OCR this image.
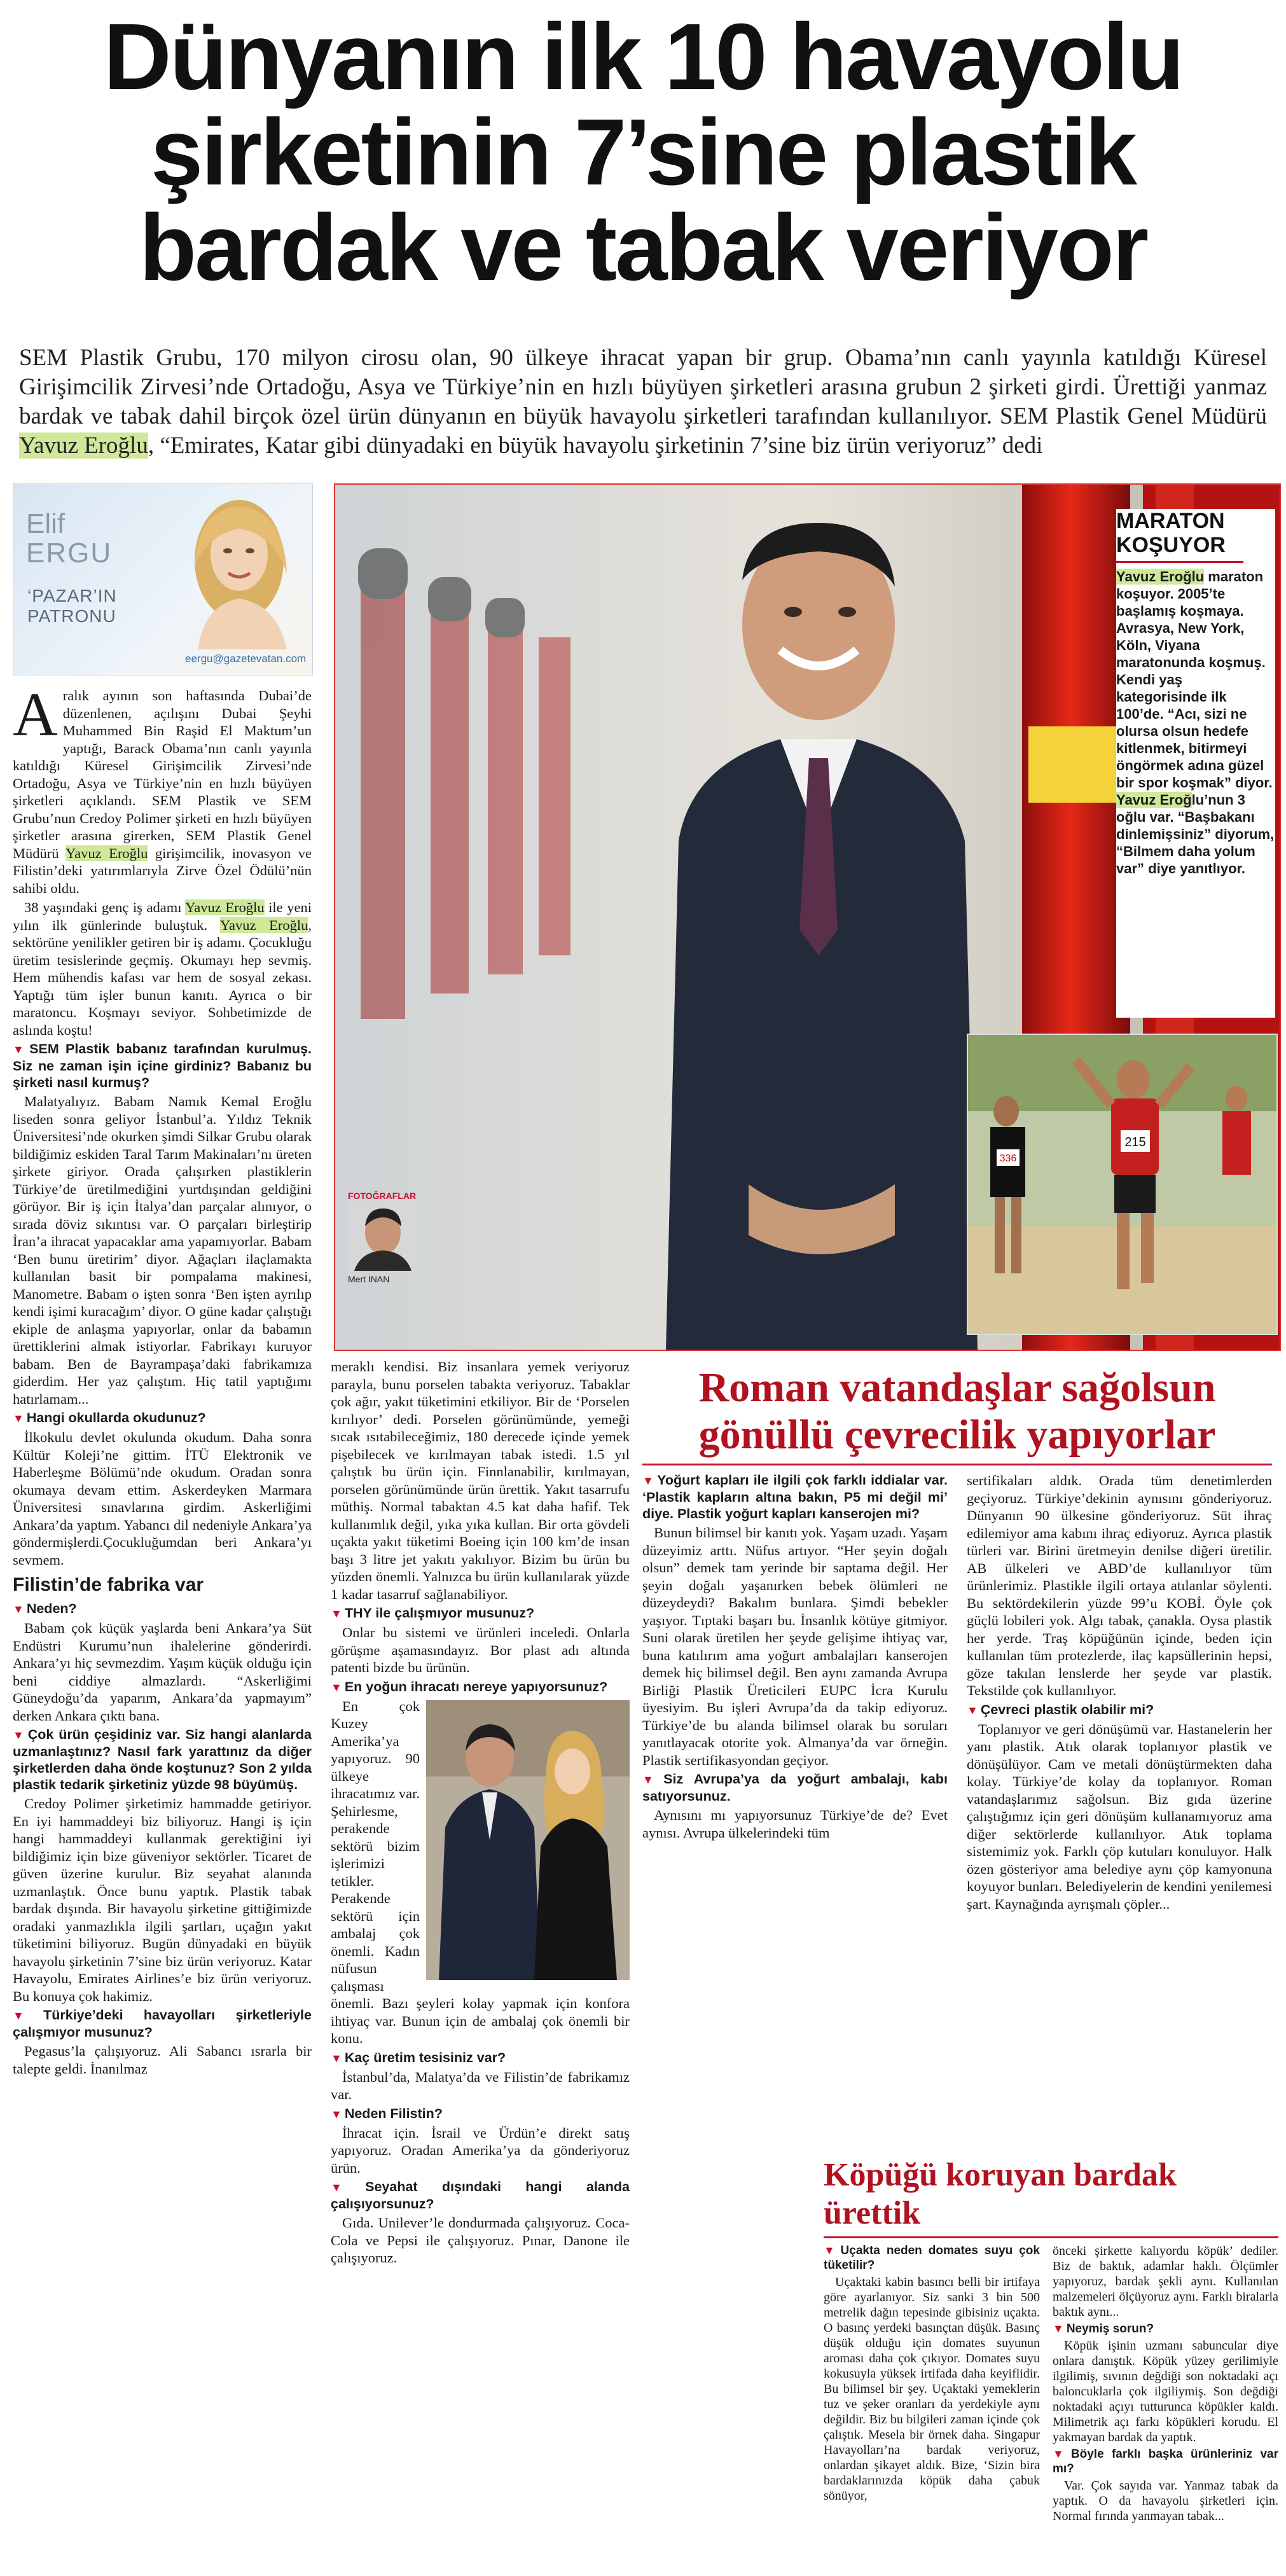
Dünyanın ilk 10 havayolu
şirketinin 7’sine plastik
bardak ve tabak veriyor
SEM Plastik Grubu, 170 milyon cirosu olan, 90 ülkeye ihracat yapan bir grup. Obama’nın canlı yayınla katıldığı Küresel Girişimcilik Zirvesi’nde Ortadoğu, Asya ve Türkiye’nin en hızlı büyüyen şirketleri arasına grubun 2 şirketi girdi. Ürettiği yanmaz bardak ve tabak dahil birçok özel ürün dünyanın en büyük havayolu şirketleri tarafından kullanılıyor. SEM Plastik Genel Müdürü Yavuz Eroğlu, “Emirates, Katar gibi dünyadaki en büyük havayolu şirketinin 7’sine biz ürün veriyoruz” dedi
Elif
ERGU
‘PAZAR’IN
PATRONU
eergu@gazetevatan.com
FOTOĞRAFLAR
Mert İNAN
MARATON
KOŞUYOR
Yavuz Eroğlu maraton koşuyor. 2005’te başlamış koşmaya. Avrasya, New York, Köln, Viyana maratonunda koşmuş. Kendi yaş kategorisinde ilk 100’de. “Acı, sizi ne olursa olsun hedefe kitlenmek, bitirmeyi öngörmek adına güzel bir spor koşmak” diyor. Yavuz Eroğlu’nun 3 oğlu var. “Başbakanı dinlemişsiniz” diyorum, “Bilmem daha yolum var” diye yanıtlıyor.
215
336

Aralık ayının son haftasında Dubai’de düzenlenen, açılışını Dubai Şeyhi Muhammed Bin Raşid El Maktum’un yaptığı, Barack Obama’nın canlı yayınla katıldığı Küresel Girişimcilik Zirvesi’nde Ortadoğu, Asya ve Türkiye’nin en hızlı büyüyen şirketleri açıklandı. SEM Plastik ve SEM Grubu’nun Credoy Polimer şirketi en hızlı büyüyen şirketler arasına girerken, SEM Plastik Genel Müdürü Yavuz Eroğlu girişimcilik, inovasyon ve Filistin’deki yatırımlarıyla Zirve Özel Ödülü’nün sahibi oldu.

38 yaşındaki genç iş adamı Yavuz Eroğlu ile yeni yılın ilk günlerinde buluştuk. Yavuz Eroğlu, sektörüne yenilikler getiren bir iş adamı. Çocukluğu üretim tesislerinde geçmiş. Okumayı hep sevmiş. Hem mühendis kafası var hem de sosyal zekası. Yaptığı tüm işler bunun kanıtı. Ayrıca o bir maratoncu. Koşmayı seviyor. Sohbetimizde de aslında koştu!

▼ SEM Plastik babanız tarafından kurulmuş. Siz ne zaman işin içine girdiniz? Babanız bu şirketi nasıl kurmuş?

Malatyalıyız. Babam Namık Kemal Eroğlu liseden sonra geliyor İstanbul’a. Yıldız Teknik Üniversitesi’nde okurken şimdi Silkar Grubu olarak bildiğimiz eskiden Taral Tarım Makinaları’nı üreten şirkete giriyor. Orada çalışırken plastiklerin Türkiye’de üretilmediğini yurtdışından geldiğini görüyor. Bir iş için İtalya’dan parçalar alınıyor, o sırada döviz sıkıntısı var. O parçaları birleştirip İran’a ihracat yapacaklar ama yapamıyorlar. Babam ‘Ben bunu üretirim’ diyor. Ağaçları ilaçlamakta kullanılan basit bir pompalama makinesi, Manometre. Babam o işten sonra ‘Ben işten ayrılıp kendi işimi kuracağım’ diyor. O güne kadar çalıştığı ekiple de anlaşma yapıyorlar, onlar da babamın ürettiklerini almak istiyorlar. Fabrikayı kuruyor babam. Ben de Bayrampaşa’daki fabrikamıza giderdim. Her yaz çalıştım. Hiç tatil yaptığımı hatırlamam...

▼ Hangi okullarda okudunuz?

İlkokulu devlet okulunda okudum. Daha sonra Kültür Koleji’ne gittim. İTÜ Elektronik ve Haberleşme Bölümü’nde okudum. Oradan sonra okumaya devam ettim. Askerdeyken Marmara Üniversitesi sınavlarına girdim. Askerliğimi Ankara’da yaptım. Yabancı dil nedeniyle Ankara’ya göndermişlerdi.Çocukluğumdan beri Ankara’yı sevmem.

Filistin’de fabrika var

▼ Neden?

Babam çok küçük yaşlarda beni Ankara’ya Süt Endüstri Kurumu’nun ihalelerine gönderirdi. Ankara’yı hiç sevmezdim. Yaşım küçük olduğu için beni ciddiye almazlardı. “Askerliğimi Güneydoğu’da yaparım, Ankara’da yapmayım” derken Ankara çıktı bana.

▼ Çok ürün çeşidiniz var. Siz hangi alanlarda uzmanlaştınız? Nasıl fark yarattınız da diğer şirketlerden daha önde koştunuz? Son 2 yılda plastik tedarik şirketiniz yüzde 98 büyümüş.

Credoy Polimer şirketimiz hammadde getiriyor. En iyi hammaddeyi biz biliyoruz. Hangi iş için hangi hammaddeyi kullanmak gerektiğini iyi bildiğimiz için bize güveniyor sektörler. Ticaret de güven üzerine kurulur. Biz seyahat alanında uzmanlaştık. Önce bunu yaptık. Plastik tabak bardak dışında. Bir havayolu şirketine gittiğimizde oradaki yanmazlıkla ilgili şartları, uçağın yakıt tüketimini biliyoruz. Bugün dünyadaki en büyük havayolu şirketinin 7’sine biz ürün veriyoruz. Katar Havayolu, Emirates Airlines’e biz ürün veriyoruz. Bu konuya çok hakimiz.

▼ Türkiye’deki havayolları şirketleriyle çalışmıyor musunuz?

Pegasus’la çalışıyoruz. Ali Sabancı ısrarla bir talepte geldi. İnanılmaz

meraklı kendisi. Biz insanlara yemek veriyoruz parayla, bunu porselen tabakta veriyoruz. Tabaklar çok ağır, yakıt tüketimini etkiliyor. Bir de ‘Porselen kırılıyor’ dedi. Porselen görünümünde, yemeği sıcak ısıtabileceğimiz, 180 derecede içinde yemek pişebilecek ve kırılmayan tabak istedi. 1.5 yıl çalıştık bu ürün için. Finnlanabilir, kırılmayan, porselen görünümünde ürün ürettik. Yakıt tasarrufu müthiş. Normal tabaktan 4.5 kat daha hafif. Tek kullanımlık değil, yıka yıka kullan. Bir orta gövdeli uçakta yakıt tüketimi Boeing için 100 km’de insan başı 3 litre jet yakıtı yakılıyor. Bizim bu ürün bu yüzden önemli. Yalnızca bu ürün kullanılarak yüzde 1 kadar tasarruf sağlanabiliyor.

▼ THY ile çalışmıyor musunuz?

Onlar bu sistemi ve ürünleri inceledi. Onlarla görüşme aşamasındayız. Bor plast adı altında patenti bizde bu ürünün.

▼ En yoğun ihracatı nereye yapıyorsunuz?

En çok Kuzey Amerika’ya yapıyoruz. 90 ülkeye ihracatımız var. Şehirlesme, perakende sektörü bizim işlerimizi tetikler. Perakende sektörü için ambalaj çok önemli. Kadın nüfusun çalışması önemli. Bazı şeyleri kolay yapmak için konfora ihtiyaç var. Bunun için de ambalaj çok önemli bir konu.

▼ Kaç üretim tesisiniz var?

İstanbul’da, Malatya’da ve Filistin’de fabrikamız var.

▼ Neden Filistin?

İhracat için. İsrail ve Ürdün’e direkt satış yapıyoruz. Oradan Amerika’ya da gönderiyoruz ürün.

▼ Seyahat dışındaki hangi alanda çalışıyorsunuz?

Gıda. Unilever’le dondurmada çalışıyoruz. Coca-Cola ve Pepsi ile çalışıyoruz. Pınar, Danone ile çalışıyoruz.

Roman vatandaşlar sağolsun
gönüllü çevrecilik yapıyorlar

▼ Yoğurt kapları ile ilgili çok farklı iddialar var. ‘Plastik kapların altına bakın, P5 mi değil mi’ diye. Plastik yoğurt kapları kanserojen mi?

Bunun bilimsel bir kanıtı yok. Yaşam uzadı. Yaşam düzeyimiz arttı. Nüfus artıyor. “Her şeyin doğalı olsun” demek tam yerinde bir saptama değil. Her şeyin doğalı yaşanırken bebek ölümleri ne düzeydeydi? Bakalım bunlara. Şimdi bebekler yaşıyor. Tıptaki başarı bu. İnsanlık kötüye gitmiyor. Suni olarak üretilen her şeyde gelişime ihtiyaç var, buna katılırım ama yoğurt ambalajları kanserojen demek hiç bilimsel değil. Ben aynı zamanda Avrupa Birliği Plastik Üreticileri EUPC İcra Kurulu üyesiyim. Bu işleri Avrupa’da da takip ediyoruz. Türkiye’de bu alanda bilimsel olarak bu soruları yanıtlayacak otorite yok. Almanya’da var örneğin. Plastik sertifikasyondan geçiyor.

▼ Siz Avrupa’ya da yoğurt ambalajı, kabı satıyorsunuz.

Aynısını mı yapıyorsunuz Türkiye’de de? Evet aynısı. Avrupa ülkelerindeki tüm

sertifikaları aldık. Orada tüm denetimlerden geçiyoruz. Türkiye’dekinin aynısını gönderiyoruz. Dünyanın 90 ülkesine gönderiyoruz. Süt ihraç edilemiyor ama kabını ihraç ediyoruz. Ayrıca plastik türleri var. Birini üretmeyin denilse diğeri üretilir. AB ülkeleri ve ABD’de kullanılıyor tüm ürünlerimiz. Plastikle ilgili ortaya atılanlar söylenti. Bu sektördekilerin yüzde 99’u KOBİ. Öyle çok güçlü lobileri yok. Algı tabak, çanakla. Oysa plastik her yerde. Traş köpüğünün içinde, beden için kullanılan tüm protezlerde, ilaç kapsüllerinin hepsi, göze takılan lenslerde her şeyde var plastik. Tekstilde çok kullanılıyor.

▼ Çevreci plastik olabilir mi?

Toplanıyor ve geri dönüşümü var. Hastanelerin her yanı plastik. Atık olarak toplanıyor plastik ve dönüşülüyor. Cam ve metali dönüştürmekten daha kolay. Türkiye’de kolay da toplanıyor. Roman vatandaşlarımız sağolsun. Biz gıda üzerine çalıştığımız için geri dönüşüm kullanamıyoruz ama diğer sektörlerde kullanılıyor. Atık toplama sistemimiz yok. Farklı çöp kutuları konuluyor. Halk özen gösteriyor ama belediye aynı çöp kamyonuna koyuyor bunları. Belediyelerin de kendini yenilemesi şart. Kaynağında ayrışmalı çöpler...

Köpüğü koruyan bardak ürettik

▼ Uçakta neden domates suyu çok tüketilir?

Uçaktaki kabin basıncı belli bir irtifaya göre ayarlanıyor. Siz sanki 3 bin 500 metrelik dağın tepesinde gibisiniz uçakta. O basınç yerdeki basınçtan düşük. Basınç düşük olduğu için domates suyunun aroması daha çok çıkıyor. Domates suyu kokusuyla yüksek irtifada daha keyiflidir. Bu bilimsel bir şey. Uçaktaki yemeklerin tuz ve şeker oranları da yerdekiyle aynı değildir. Biz bu bilgileri zaman içinde çok çalıştık. Mesela bir örnek daha. Singapur Havayolları’na bardak veriyoruz, onlardan şikayet aldık. Bize, ‘Sizin bira bardaklarınızda köpük daha çabuk sönüyor,

önceki şirkette kalıyordu köpük’ dediler. Biz de baktık, adamlar haklı. Ölçümler yapıyoruz, bardak şekli aynı. Kullanılan malzemeleri ölçüyoruz aynı. Farklı biralarla baktık aynı...

▼ Neymiş sorun?

Köpük işinin uzmanı sabuncular diye onlara danıştık. Köpük yüzey gerilimiyle ilgilimiş, sıvının değdiği son noktadaki açı baloncuklarla çok ilgiliymiş. Son değdiği noktadaki açıyı tutturunca köpükler kaldı. Milimetrik açı farkı köpükleri korudu. El yakmayan bardak da yaptık.

▼ Böyle farklı başka ürünleriniz var mı?

Var. Çok sayıda var. Yanmaz tabak da yaptık. O da havayolu şirketleri için. Normal fırında yanmayan tabak...
